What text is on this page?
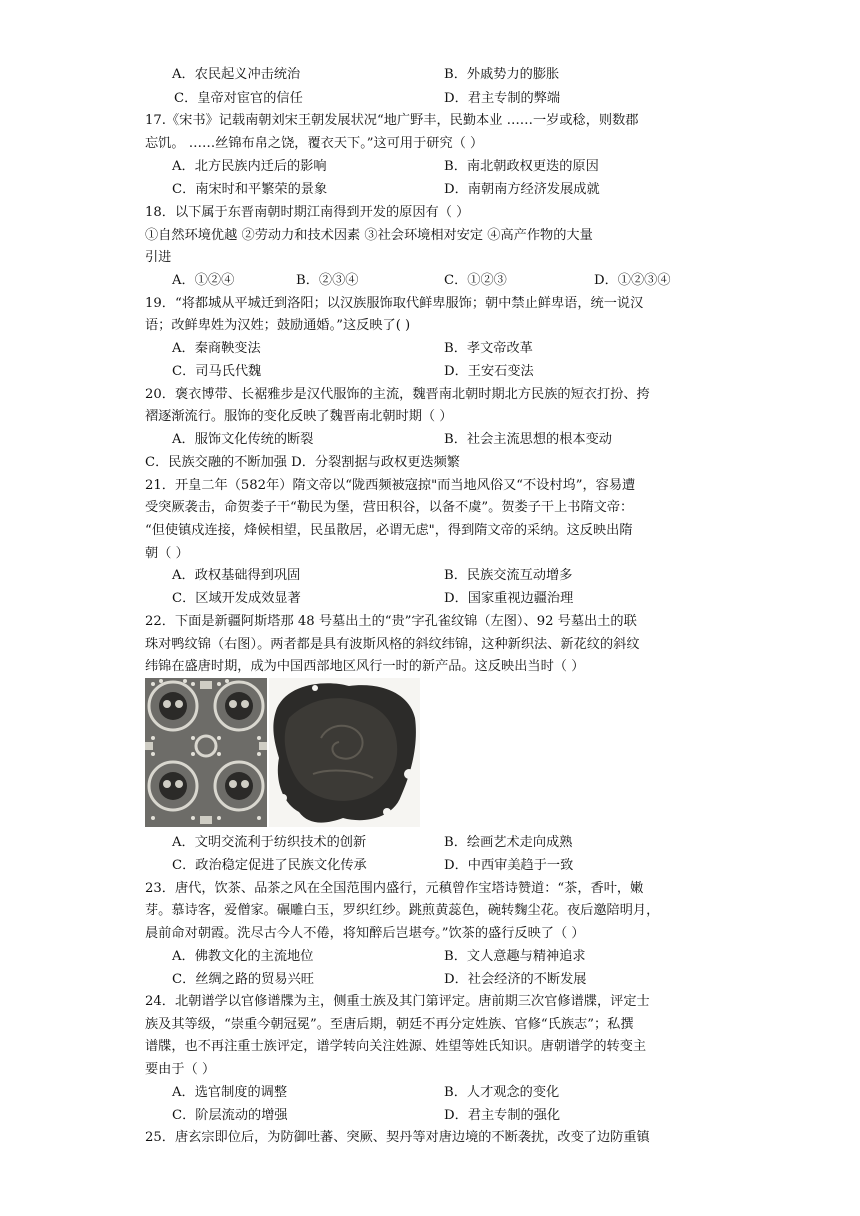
A．农民起义冲击统治	B．外戚势力的膨胀
C．皇帝对宦官的信任	D．君主专制的弊端
17.《宋书》记载南朝刘宋王朝发展状况“地广野丰，民勤本业 ……一岁或稔，则数郡
忘饥。 ……丝锦布帛之饶，覆衣天下。”这可用于研究（ ）
A．北方民族内迁后的影响	B．南北朝政权更迭的原因
C．南宋时和平繁荣的景象	D．南朝南方经济发展成就
18．以下属于东晋南朝时期江南得到开发的原因有（ ）
①自然环境优越 ②劳动力和技术因素 ③社会环境相对安定 ④高产作物的大量
引进
A．①②④	B．②③④	C．①②③	D．①②③④
19．“将都城从平城迁到洛阳；以汉族服饰取代鲜卑服饰；朝中禁止鲜卑语，统一说汉
语；改鲜卑姓为汉姓；鼓励通婚。”这反映了( )
A．秦商鞅变法	B．孝文帝改革
C．司马氏代魏	D．王安石变法
20．褒衣博带、长裾雅步是汉代服饰的主流，魏晋南北朝时期北方民族的短衣打扮、挎
褶逐渐流行。服饰的变化反映了魏晋南北朝时期（ ）
A．服饰文化传统的断裂	B．社会主流思想的根本变动
C．民族交融的不断加强 D．分裂割据与政权更迭频繁
21．开皇二年（582年）隋文帝以“陇西频被寇掠"而当地风俗又“不设村坞”，容易遭
受突厥袭击，命贺娄子干“勒民为堡，营田积谷，以备不虞”。贺娄子干上书隋文帝：
“但使镇戍连接，烽候相望，民虽散居，必谓无虑"，得到隋文帝的采纳。这反映出隋
朝（ ）
A．政权基础得到巩固	B．民族交流互动增多
C．区域开发成效显著	D．国家重视边疆治理
22．下面是新疆阿斯塔那 48 号墓出土的“贵”字孔雀纹锦（左图）、92 号墓出土的联
珠对鸭纹锦（右图）。两者都是具有波斯风格的斜纹纬锦，这种新织法、新花纹的斜纹
纬锦在盛唐时期，成为中国西部地区风行一时的新产品。这反映出当时（ ）
A．文明交流利于纺织技术的创新	B．绘画艺术走向成熟
C．政治稳定促进了民族文化传承	D．中西审美趋于一致
23．唐代，饮茶、品茶之风在全国范围内盛行，元稹曾作宝塔诗赞道：“茶，香叶，嫩
芽。慕诗客，爱僧家。碾雕白玉，罗织红纱。跳煎黄蕊色，碗转麴尘花。夜后邀陪明月，
晨前命对朝霞。洗尽古今人不倦，将知醉后岂堪夸。”饮茶的盛行反映了（ ）
A．佛教文化的主流地位	B．文人意趣与精神追求
C．丝绸之路的贸易兴旺	D．社会经济的不断发展
24．北朝谱学以官修谱牒为主，侧重士族及其门第评定。唐前期三次官修谱牒，评定士
族及其等级，“崇重今朝冠冕”。至唐后期，朝廷不再分定姓族、官修“氏族志”；私撰
谱牒，也不再注重士族评定，谱学转向关注姓源、姓望等姓氏知识。唐朝谱学的转变主
要由于（ ）
A．选官制度的调整	B．人才观念的变化
C．阶层流动的增强	D．君主专制的强化
25．唐玄宗即位后，为防御吐蕃、突厥、契丹等对唐边境的不断袭扰，改变了边防重镇
